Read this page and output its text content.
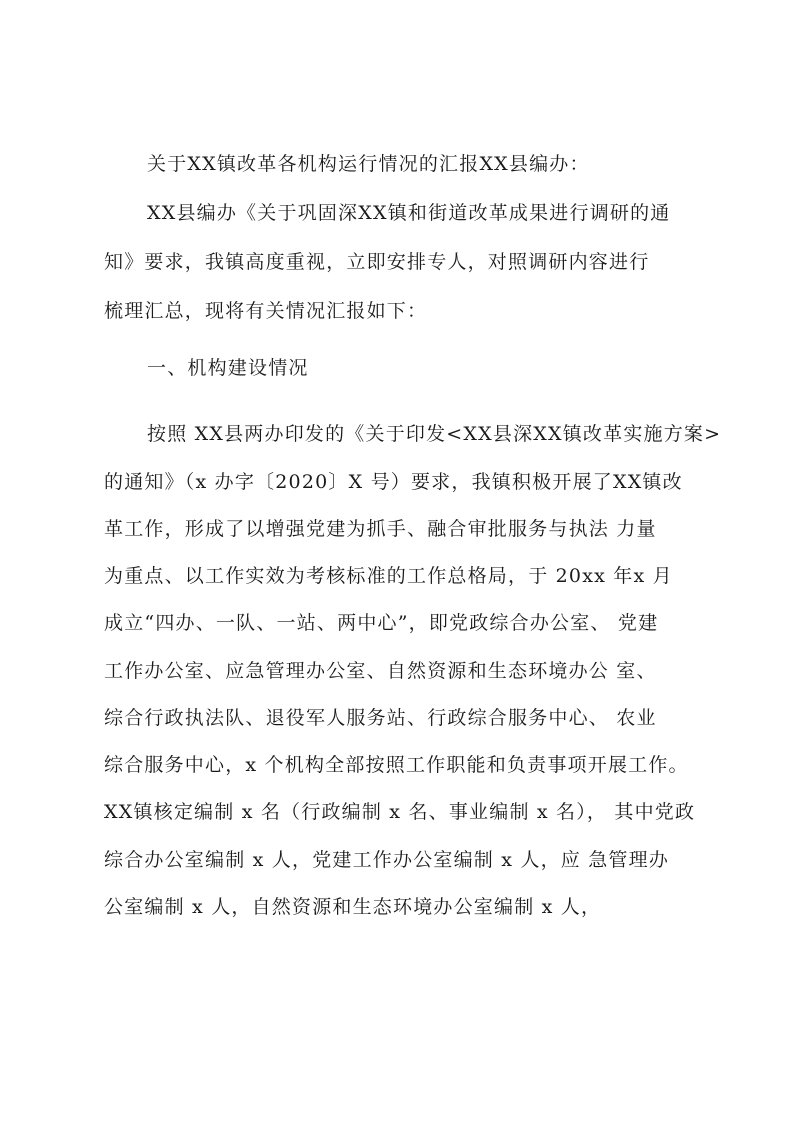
关于XX镇改革各机构运行情况的汇报XX县编办：
XX县编办《关于巩固深XX镇和街道改革成果进行调研的通
知》要求，我镇高度重视，立即安排专人，对照调研内容进行
梳理汇总，现将有关情况汇报如下：
一、机构建设情况
按照 XX县两办印发的《关于印发<XX县深XX镇改革实施方案>
的通知》（x 办字〔2020〕X 号）要求，我镇积极开展了XX镇改
革工作，形成了以增强党建为抓手、融合审批服务与执法 力量
为重点、以工作实效为考核标准的工作总格局，于 20xx 年x 月
成立“四办、一队、一站、两中心”，即党政综合办公室、 党建
工作办公室、应急管理办公室、自然资源和生态环境办公 室、
综合行政执法队、退役军人服务站、行政综合服务中心、 农业
综合服务中心，x 个机构全部按照工作职能和负责事项开展工作。
XX镇核定编制 x 名（行政编制 x 名、事业编制 x 名）， 其中党政
综合办公室编制 x 人，党建工作办公室编制 x 人，应 急管理办
公室编制 x 人，自然资源和生态环境办公室编制 x 人，
